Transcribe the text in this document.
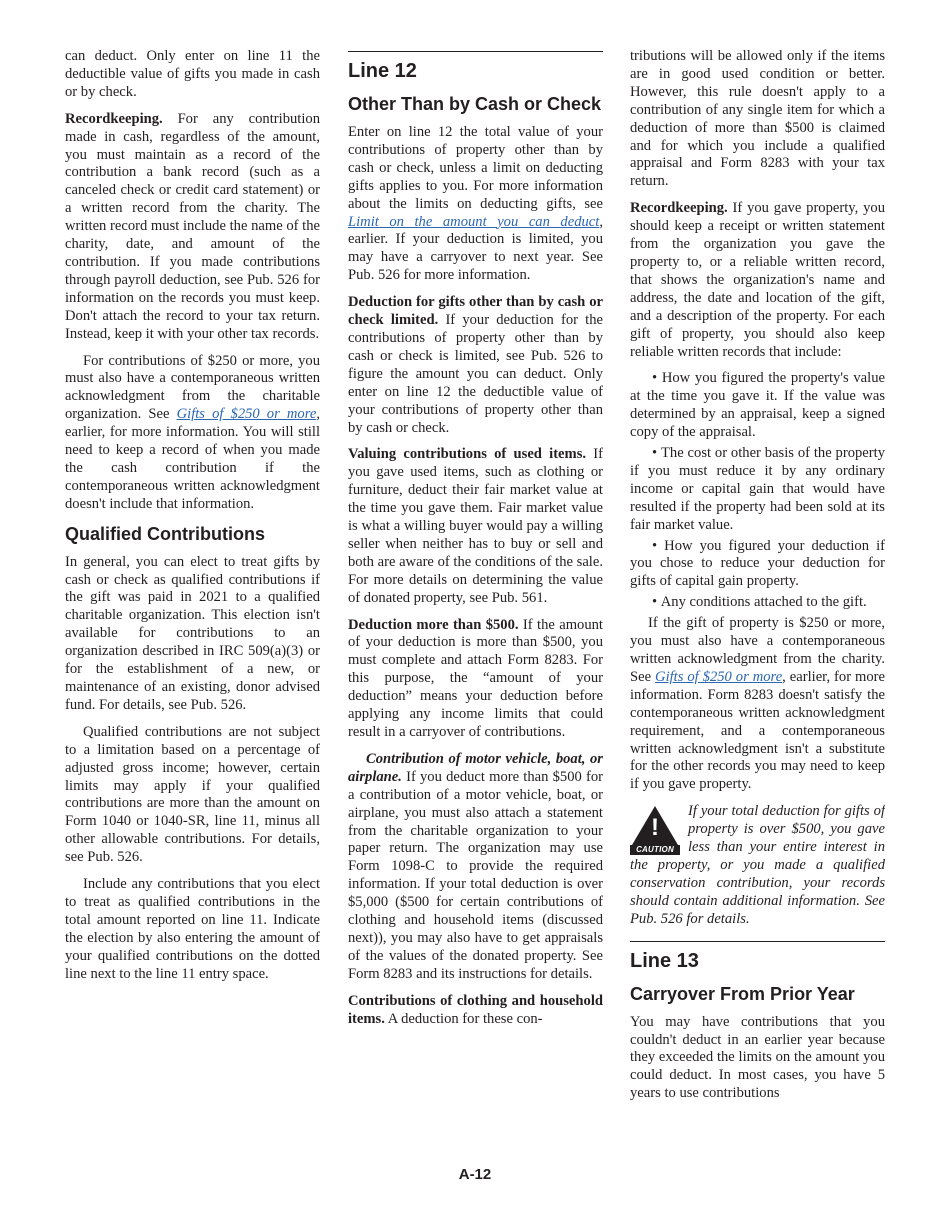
can deduct. Only enter on line 11 the deductible value of gifts you made in cash or by check.

Recordkeeping. For any contribution made in cash, regardless of the amount, you must maintain as a record of the contribution a bank record (such as a canceled check or credit card statement) or a written record from the charity. The written record must include the name of the charity, date, and amount of the contribution. If you made contributions through payroll deduction, see Pub. 526 for information on the records you must keep. Don't attach the record to your tax return. Instead, keep it with your other tax records.

For contributions of $250 or more, you must also have a contemporaneous written acknowledgment from the charitable organization. See Gifts of $250 or more, earlier, for more information. You will still need to keep a record of when you made the cash contribution if the contemporaneous written acknowledgment doesn't include that information.

Qualified Contributions

In general, you can elect to treat gifts by cash or check as qualified contributions if the gift was paid in 2021 to a qualified charitable organization. This election isn't available for contributions to an organization described in IRC 509(a)(3) or for the establishment of a new, or maintenance of an existing, donor advised fund. For details, see Pub. 526.

Qualified contributions are not subject to a limitation based on a percentage of adjusted gross income; however, certain limits may apply if your qualified contributions are more than the amount on Form 1040 or 1040-SR, line 11, minus all other allowable contributions. For details, see Pub. 526.

Include any contributions that you elect to treat as qualified contributions in the total amount reported on line 11. Indicate the election by also entering the amount of your qualified contributions on the dotted line next to the line 11 entry space.

Line 12
Other Than by Cash or Check

Enter on line 12 the total value of your contributions of property other than by cash or check, unless a limit on deducting gifts applies to you. For more information about the limits on deducting gifts, see Limit on the amount you can deduct, earlier. If your deduction is limited, you may have a carryover to next year. See Pub. 526 for more information.

Deduction for gifts other than by cash or check limited. If your deduction for the contributions of property other than by cash or check is limited, see Pub. 526 to figure the amount you can deduct. Only enter on line 12 the deductible value of your contributions of property other than by cash or check.

Valuing contributions of used items. If you gave used items, such as clothing or furniture, deduct their fair market value at the time you gave them. Fair market value is what a willing buyer would pay a willing seller when neither has to buy or sell and both are aware of the conditions of the sale. For more details on determining the value of donated property, see Pub. 561.

Deduction more than $500. If the amount of your deduction is more than $500, you must complete and attach Form 8283. For this purpose, the “amount of your deduction” means your deduction before applying any income limits that could result in a carryover of contributions.

Contribution of motor vehicle, boat, or airplane. If you deduct more than $500 for a contribution of a motor vehicle, boat, or airplane, you must also attach a statement from the charitable organization to your paper return. The organization may use Form 1098-C to provide the required information. If your total deduction is over $5,000 ($500 for certain contributions of clothing and household items (discussed next)), you may also have to get appraisals of the values of the donated property. See Form 8283 and its instructions for details.

Contributions of clothing and household items. A deduction for these con-

tributions will be allowed only if the items are in good used condition or better. However, this rule doesn't apply to a contribution of any single item for which a deduction of more than $500 is claimed and for which you include a qualified appraisal and Form 8283 with your tax return.

Recordkeeping. If you gave property, you should keep a receipt or written statement from the organization you gave the property to, or a reliable written record, that shows the organization's name and address, the date and location of the gift, and a description of the property. For each gift of property, you should also keep reliable written records that include:

• How you figured the property's value at the time you gave it. If the value was determined by an appraisal, keep a signed copy of the appraisal.
• The cost or other basis of the property if you must reduce it by any ordinary income or capital gain that would have resulted if the property had been sold at its fair market value.
• How you figured your deduction if you chose to reduce your deduction for gifts of capital gain property.
• Any conditions attached to the gift.

If the gift of property is $250 or more, you must also have a contemporaneous written acknowledgment from the charity. See Gifts of $250 or more, earlier, for more information. Form 8283 doesn't satisfy the contemporaneous written acknowledgment requirement, and a contemporaneous written acknowledgment isn't a substitute for the other records you may need to keep if you gave property.

!
CAUTION
If your total deduction for gifts of property is over $500, you gave less than your entire interest in the property, or you made a qualified conservation contribution, your records should contain additional information. See Pub. 526 for details.
Line 13
Carryover From Prior Year

You may have contributions that you couldn't deduct in an earlier year because they exceeded the limits on the amount you could deduct. In most cases, you have 5 years to use contributions

A-12
